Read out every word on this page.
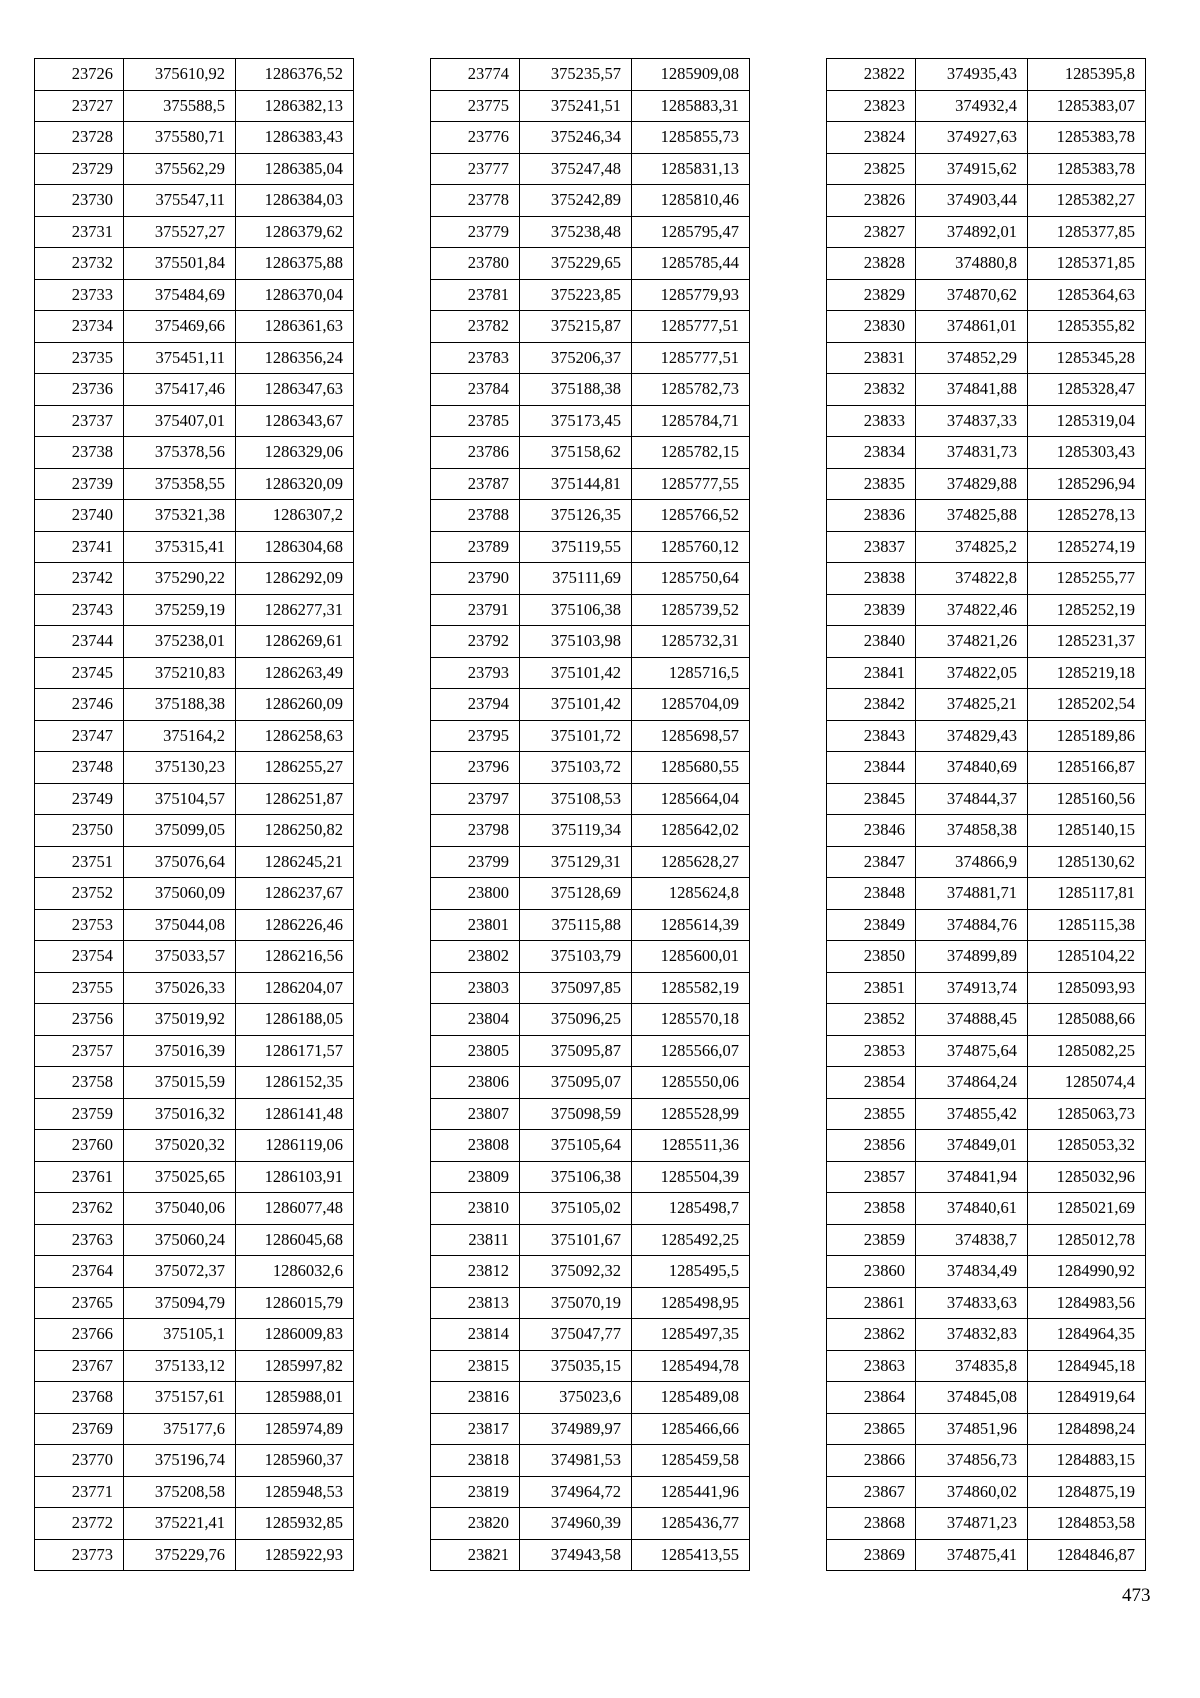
23726	375610,92	1286376,52
23727	375588,5	1286382,13
23728	375580,71	1286383,43
23729	375562,29	1286385,04
23730	375547,11	1286384,03
23731	375527,27	1286379,62
23732	375501,84	1286375,88
23733	375484,69	1286370,04
23734	375469,66	1286361,63
23735	375451,11	1286356,24
23736	375417,46	1286347,63
23737	375407,01	1286343,67
23738	375378,56	1286329,06
23739	375358,55	1286320,09
23740	375321,38	1286307,2
23741	375315,41	1286304,68
23742	375290,22	1286292,09
23743	375259,19	1286277,31
23744	375238,01	1286269,61
23745	375210,83	1286263,49
23746	375188,38	1286260,09
23747	375164,2	1286258,63
23748	375130,23	1286255,27
23749	375104,57	1286251,87
23750	375099,05	1286250,82
23751	375076,64	1286245,21
23752	375060,09	1286237,67
23753	375044,08	1286226,46
23754	375033,57	1286216,56
23755	375026,33	1286204,07
23756	375019,92	1286188,05
23757	375016,39	1286171,57
23758	375015,59	1286152,35
23759	375016,32	1286141,48
23760	375020,32	1286119,06
23761	375025,65	1286103,91
23762	375040,06	1286077,48
23763	375060,24	1286045,68
23764	375072,37	1286032,6
23765	375094,79	1286015,79
23766	375105,1	1286009,83
23767	375133,12	1285997,82
23768	375157,61	1285988,01
23769	375177,6	1285974,89
23770	375196,74	1285960,37
23771	375208,58	1285948,53
23772	375221,41	1285932,85
23773	375229,76	1285922,93
23774	375235,57	1285909,08
23775	375241,51	1285883,31
23776	375246,34	1285855,73
23777	375247,48	1285831,13
23778	375242,89	1285810,46
23779	375238,48	1285795,47
23780	375229,65	1285785,44
23781	375223,85	1285779,93
23782	375215,87	1285777,51
23783	375206,37	1285777,51
23784	375188,38	1285782,73
23785	375173,45	1285784,71
23786	375158,62	1285782,15
23787	375144,81	1285777,55
23788	375126,35	1285766,52
23789	375119,55	1285760,12
23790	375111,69	1285750,64
23791	375106,38	1285739,52
23792	375103,98	1285732,31
23793	375101,42	1285716,5
23794	375101,42	1285704,09
23795	375101,72	1285698,57
23796	375103,72	1285680,55
23797	375108,53	1285664,04
23798	375119,34	1285642,02
23799	375129,31	1285628,27
23800	375128,69	1285624,8
23801	375115,88	1285614,39
23802	375103,79	1285600,01
23803	375097,85	1285582,19
23804	375096,25	1285570,18
23805	375095,87	1285566,07
23806	375095,07	1285550,06
23807	375098,59	1285528,99
23808	375105,64	1285511,36
23809	375106,38	1285504,39
23810	375105,02	1285498,7
23811	375101,67	1285492,25
23812	375092,32	1285495,5
23813	375070,19	1285498,95
23814	375047,77	1285497,35
23815	375035,15	1285494,78
23816	375023,6	1285489,08
23817	374989,97	1285466,66
23818	374981,53	1285459,58
23819	374964,72	1285441,96
23820	374960,39	1285436,77
23821	374943,58	1285413,55
23822	374935,43	1285395,8
23823	374932,4	1285383,07
23824	374927,63	1285383,78
23825	374915,62	1285383,78
23826	374903,44	1285382,27
23827	374892,01	1285377,85
23828	374880,8	1285371,85
23829	374870,62	1285364,63
23830	374861,01	1285355,82
23831	374852,29	1285345,28
23832	374841,88	1285328,47
23833	374837,33	1285319,04
23834	374831,73	1285303,43
23835	374829,88	1285296,94
23836	374825,88	1285278,13
23837	374825,2	1285274,19
23838	374822,8	1285255,77
23839	374822,46	1285252,19
23840	374821,26	1285231,37
23841	374822,05	1285219,18
23842	374825,21	1285202,54
23843	374829,43	1285189,86
23844	374840,69	1285166,87
23845	374844,37	1285160,56
23846	374858,38	1285140,15
23847	374866,9	1285130,62
23848	374881,71	1285117,81
23849	374884,76	1285115,38
23850	374899,89	1285104,22
23851	374913,74	1285093,93
23852	374888,45	1285088,66
23853	374875,64	1285082,25
23854	374864,24	1285074,4
23855	374855,42	1285063,73
23856	374849,01	1285053,32
23857	374841,94	1285032,96
23858	374840,61	1285021,69
23859	374838,7	1285012,78
23860	374834,49	1284990,92
23861	374833,63	1284983,56
23862	374832,83	1284964,35
23863	374835,8	1284945,18
23864	374845,08	1284919,64
23865	374851,96	1284898,24
23866	374856,73	1284883,15
23867	374860,02	1284875,19
23868	374871,23	1284853,58
23869	374875,41	1284846,87
473
